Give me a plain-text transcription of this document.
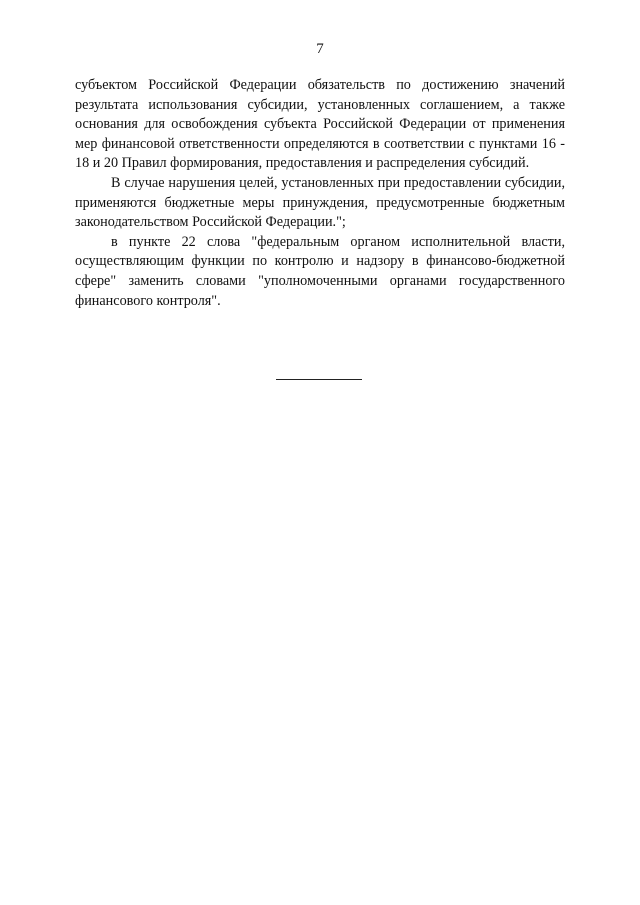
7

субъектом Российской Федерации обязательств по достижению значений результата использования субсидии, установленных соглашением, а также основания для освобождения субъекта Российской Федерации от применения мер финансовой ответственности определяются в соответствии с пунктами 16 - 18 и 20 Правил формирования, предоставления и распределения субсидий.

В случае нарушения целей, установленных при предоставлении субсидии, применяются бюджетные меры принуждения, предусмотренные бюджетным законодательством Российской Федерации.";

в пункте 22 слова "федеральным органом исполнительной власти, осуществляющим функции по контролю и надзору в финансово-бюджетной сфере" заменить словами "уполномоченными органами государственного финансового контроля".
